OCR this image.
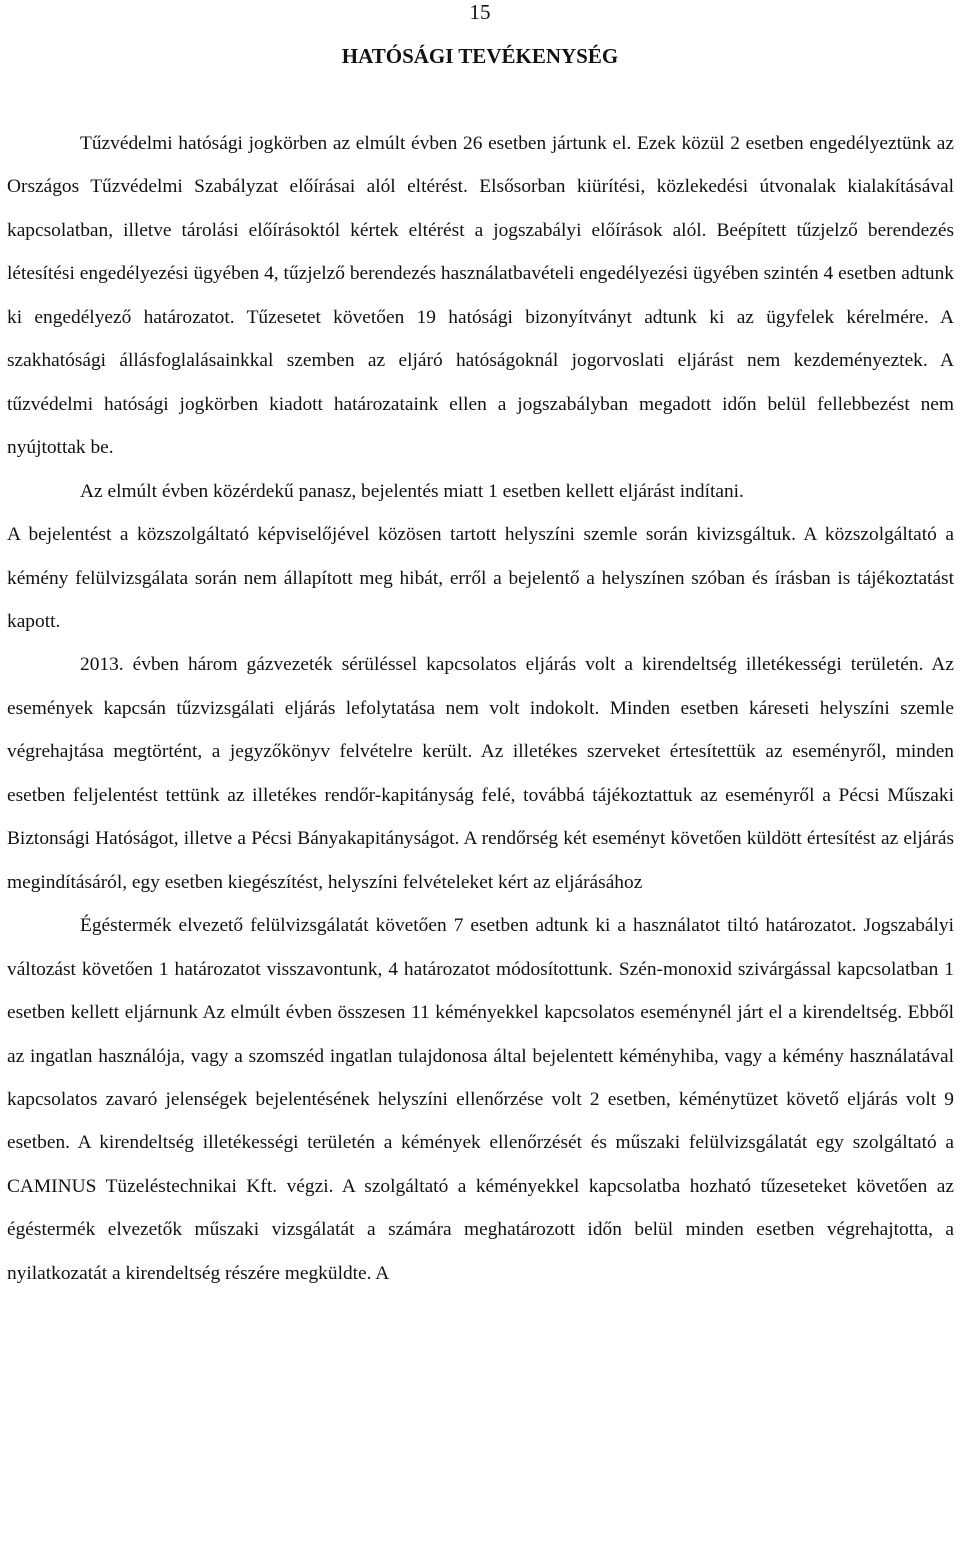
15
HATÓSÁGI TEVÉKENYSÉG

Tűzvédelmi hatósági jogkörben az elmúlt évben 26 esetben jártunk el. Ezek közül 2 esetben engedélyeztünk az Országos Tűzvédelmi Szabályzat előírásai alól eltérést. Elsősorban kiürítési, közlekedési útvonalak kialakításával kapcsolatban, illetve tárolási előírásoktól kértek eltérést a jogszabályi előírások alól. Beépített tűzjelző berendezés létesítési engedélyezési ügyében 4, tűzjelző berendezés használatbavételi engedélyezési ügyében szintén 4 esetben adtunk ki engedélyező határozatot. Tűzesetet követően 19 hatósági bizonyítványt adtunk ki az ügyfelek kérelmére. A szakhatósági állásfoglalásainkkal szemben az eljáró hatóságoknál jogorvoslati eljárást nem kezdeményeztek. A tűzvédelmi hatósági jogkörben kiadott határozataink ellen a jogszabályban megadott időn belül fellebbezést nem nyújtottak be.

Az elmúlt évben közérdekű panasz, bejelentés miatt 1 esetben kellett eljárást indítani.

A bejelentést a közszolgáltató képviselőjével közösen tartott helyszíni szemle során kivizsgáltuk. A közszolgáltató a kémény felülvizsgálata során nem állapított meg hibát, erről a bejelentő a helyszínen szóban és írásban is tájékoztatást kapott.

2013. évben három gázvezeték sérüléssel kapcsolatos eljárás volt a kirendeltség illetékességi területén. Az események kapcsán tűzvizsgálati eljárás lefolytatása nem volt indokolt. Minden esetben káreseti helyszíni szemle végrehajtása megtörtént, a jegyzőkönyv felvételre került. Az illetékes szerveket értesítettük az eseményről, minden esetben feljelentést tettünk az illetékes rendőr-kapitányság felé, továbbá tájékoztattuk az eseményről a Pécsi Műszaki Biztonsági Hatóságot, illetve a Pécsi Bányakapitányságot. A rendőrség két eseményt követően küldött értesítést az eljárás megindításáról, egy esetben kiegészítést, helyszíni felvételeket kért az eljárásához

Égéstermék elvezető felülvizsgálatát követően 7 esetben adtunk ki a használatot tiltó határozatot. Jogszabályi változást követően 1 határozatot visszavontunk, 4 határozatot módosítottunk. Szén-monoxid szivárgással kapcsolatban 1 esetben kellett eljárnunk Az elmúlt évben összesen 11 kéményekkel kapcsolatos eseménynél járt el a kirendeltség. Ebből az ingatlan használója, vagy a szomszéd ingatlan tulajdonosa által bejelentett kéményhiba, vagy a kémény használatával kapcsolatos zavaró jelenségek bejelentésének helyszíni ellenőrzése volt 2 esetben, kéménytüzet követő eljárás volt 9 esetben. A kirendeltség illetékességi területén a kémények ellenőrzését és műszaki felülvizsgálatát egy szolgáltató a CAMINUS Tüzeléstechnikai Kft. végzi. A szolgáltató a kéményekkel kapcsolatba hozható tűzeseteket követően az égéstermék elvezetők műszaki vizsgálatát a számára meghatározott időn belül minden esetben végrehajtotta, a nyilatkozatát a kirendeltség részére megküldte. A
